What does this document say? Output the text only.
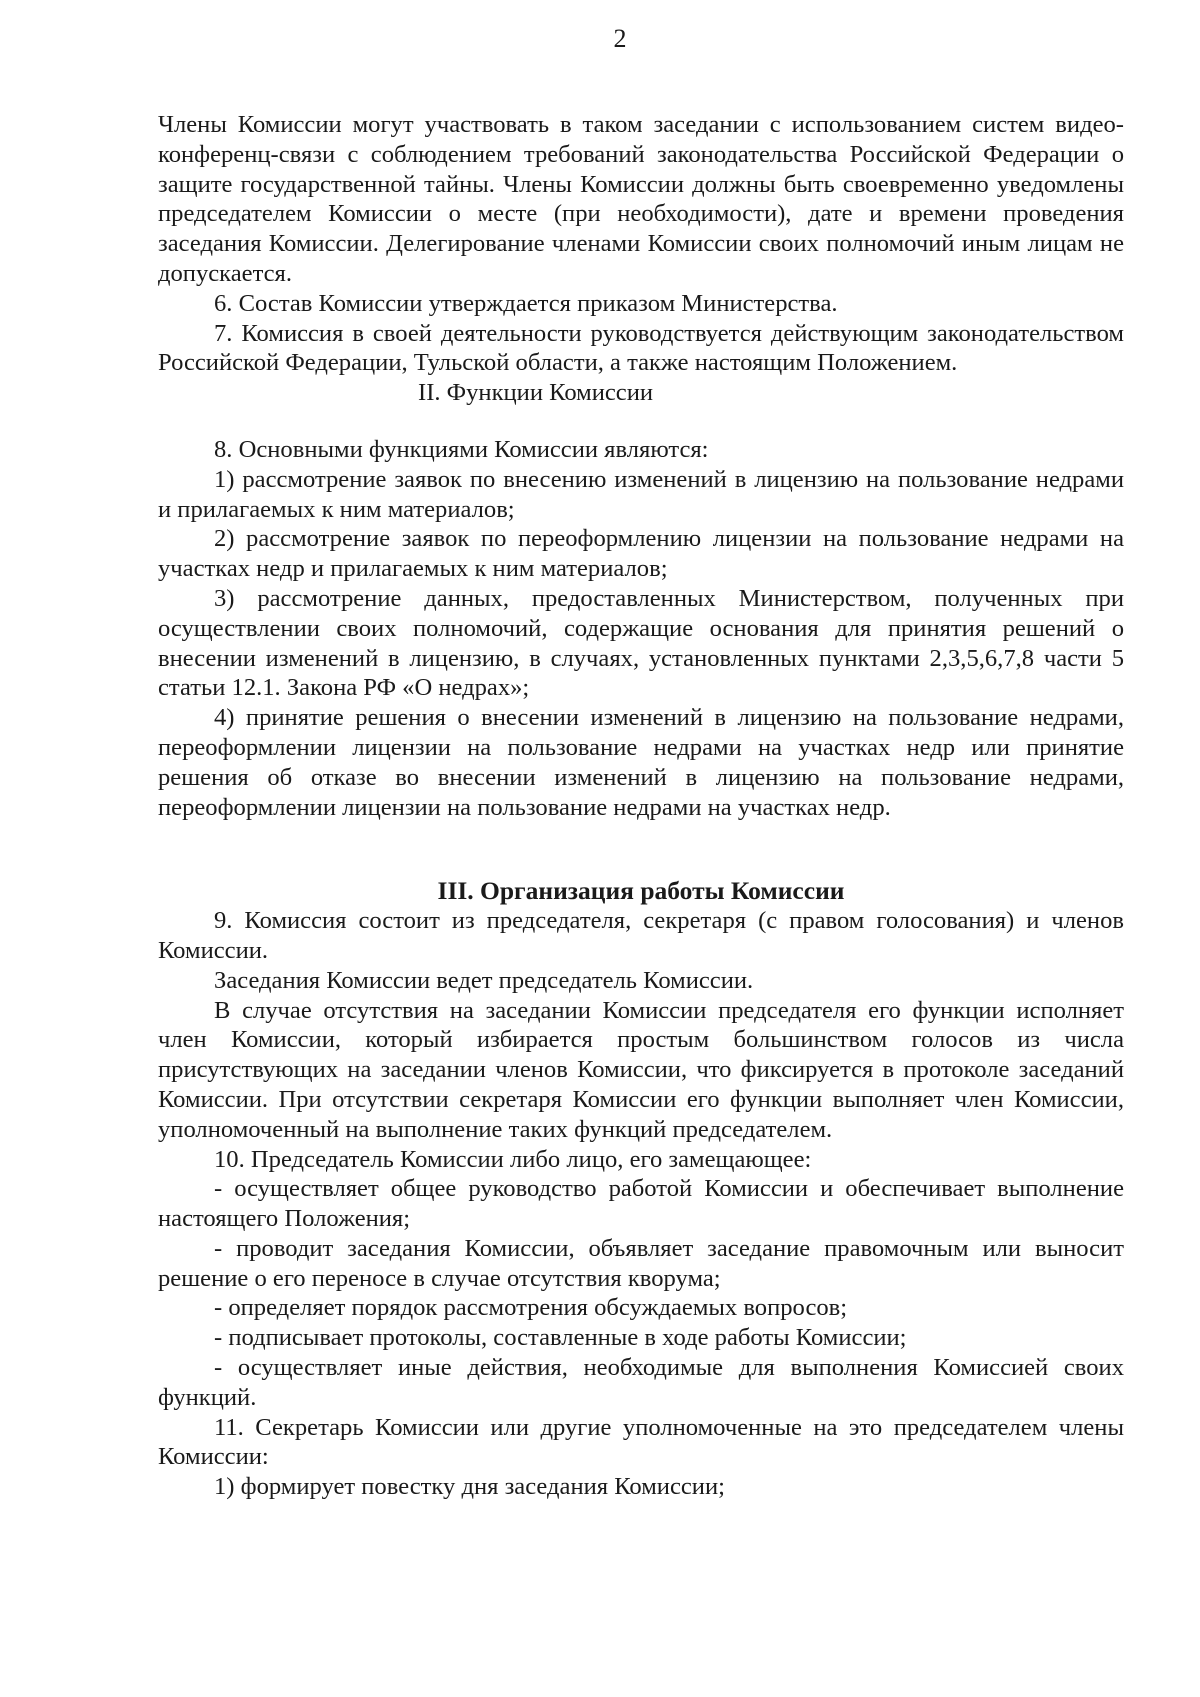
2

Члены Комиссии могут участвовать в таком заседании с использованием систем видео-конференц-связи с соблюдением требований законодательства Российской Федерации о защите государственной тайны. Члены Комиссии должны быть своевременно уведомлены председателем Комиссии о месте (при необходимости), дате и времени проведения заседания Комиссии. Делегирование членами Комиссии своих полномочий иным лицам не допускается.

6. Состав Комиссии утверждается приказом Министерства.

7. Комиссия в своей деятельности руководствуется действующим законодательством Российской Федерации, Тульской области, а также настоящим Положением.

II. Функции Комиссии

8. Основными функциями Комиссии являются:

1) рассмотрение заявок по внесению изменений в лицензию на пользование недрами и прилагаемых к ним материалов;

2) рассмотрение заявок по переоформлению лицензии на пользование недрами на участках недр и прилагаемых к ним материалов;

3) рассмотрение данных, предоставленных Министерством, полученных при осуществлении своих полномочий, содержащие основания для принятия решений о внесении изменений в лицензию, в случаях, установленных пунктами 2,3,5,6,7,8 части 5 статьи 12.1. Закона РФ «О недрах»;

4) принятие решения о внесении изменений в лицензию на пользование недрами, переоформлении лицензии на пользование недрами на участках недр или принятие решения об отказе во внесении изменений в лицензию на пользование недрами, переоформлении лицензии на пользование недрами на участках недр.

III. Организация работы Комиссии

9. Комиссия состоит из председателя, секретаря (с правом голосования) и членов Комиссии.

Заседания Комиссии ведет председатель Комиссии.

В случае отсутствия на заседании Комиссии председателя его функции исполняет член Комиссии, который избирается простым большинством голосов из числа присутствующих на заседании членов Комиссии, что фиксируется в протоколе заседаний Комиссии. При отсутствии секретаря Комиссии его функции выполняет член Комиссии, уполномоченный на выполнение таких функций председателем.

10. Председатель Комиссии либо лицо, его замещающее:

- осуществляет общее руководство работой Комиссии и обеспечивает выполнение настоящего Положения;

- проводит заседания Комиссии, объявляет заседание правомочным или выносит решение о его переносе в случае отсутствия кворума;

- определяет порядок рассмотрения обсуждаемых вопросов;

- подписывает протоколы, составленные в ходе работы Комиссии;

- осуществляет иные действия, необходимые для выполнения Комиссией своих функций.

11. Секретарь Комиссии или другие уполномоченные на это председателем члены Комиссии:

1) формирует повестку дня заседания Комиссии;
